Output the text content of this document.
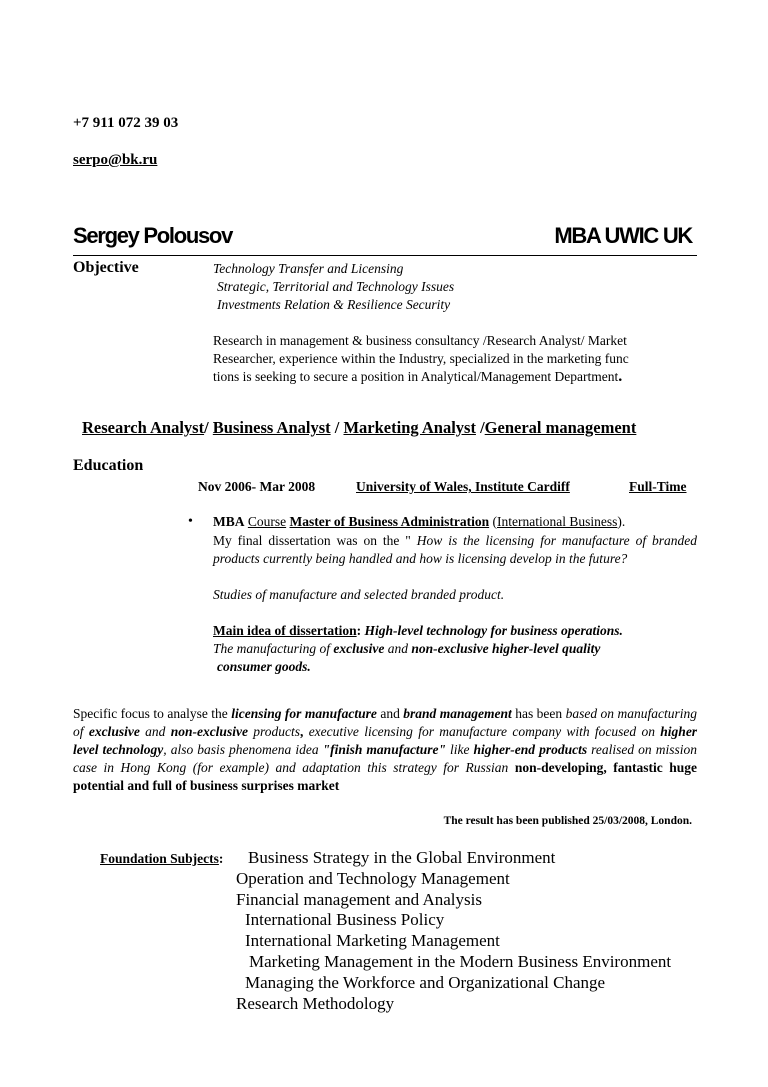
+7 911 072 39 03
serpo@bk.ru
Sergey Polousov	MBA UWIC UK
Objective	Technology Transfer and Licensing
Strategic, Territorial and Technology Issues
Investments Relation & Resilience Security
Research in management & business consultancy /Research Analyst/ Market
Researcher, experience within the Industry, specialized in the marketing func
tions is seeking to secure a position in Analytical/Management Department.
Research Analyst/ Business Analyst / Marketing Analyst /General management
Education
Nov 2006- Mar 2008	University of Wales, Institute Cardiff	Full-Time
• MBA Course Master of Business Administration (International Business).
My final dissertation was on the " How is the licensing for manufacture of branded products currently being handled and how is licensing develop in the future?
Studies of manufacture and selected branded product.
Main idea of dissertation: High-level technology for business operations.
The manufacturing of exclusive and non-exclusive higher-level quality
consumer goods.
Specific focus to analyse the licensing for manufacture and brand management has been based on manufacturing of exclusive and non-exclusive products, executive licensing for manufacture company with focused on higher level technology, also basis phenomena idea "finish manufacture" like higher-end products realised on mission case in Hong Kong (for example) and adaptation this strategy for Russian non-developing, fantastic huge potential and full of business surprises market
The result has been published 25/03/2008, London.
Foundation Subjects: Business Strategy in the Global Environment
Operation and Technology Management
Financial management and Analysis
International Business Policy
International Marketing Management
Marketing Management in the Modern Business Environment
Managing the Workforce and Organizational Change
Research Methodology
